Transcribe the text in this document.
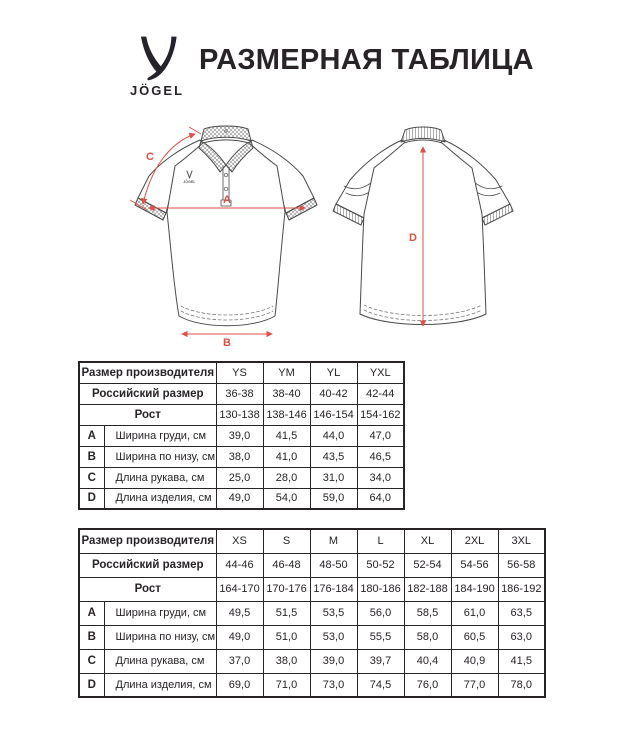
JÖGEL
РАЗМЕРНАЯ ТАБЛИЦА
JÖGEL
A
B
C
D
Размер производителя		YS	YM	YL	YXL
Российский размер		36-38	38-40	40-42	42-44
Рост		130-138	138-146	146-154	154-162
A	Ширина груди, см	39,0	41,5	44,0	47,0
B	Ширина по низу, см	38,0	41,0	43,5	46,5
C	Длина рукава, см	25,0	28,0	31,0	34,0
D	Длина изделия, см	49,0	54,0	59,0	64,0
Размер производителя		XS	S	M	L	XL	2XL	3XL
Российский размер		44-46	46-48	48-50	50-52	52-54	54-56	56-58
Рост		164-170	170-176	176-184	180-186	182-188	184-190	186-192
A	Ширина груди, см	49,5	51,5	53,5	56,0	58,5	61,0	63,5
B	Ширина по низу, см	49,0	51,0	53,0	55,5	58,0	60,5	63,0
C	Длина рукава, см	37,0	38,0	39,0	39,7	40,4	40,9	41,5
D	Длина изделия, см	69,0	71,0	73,0	74,5	76,0	77,0	78,0
